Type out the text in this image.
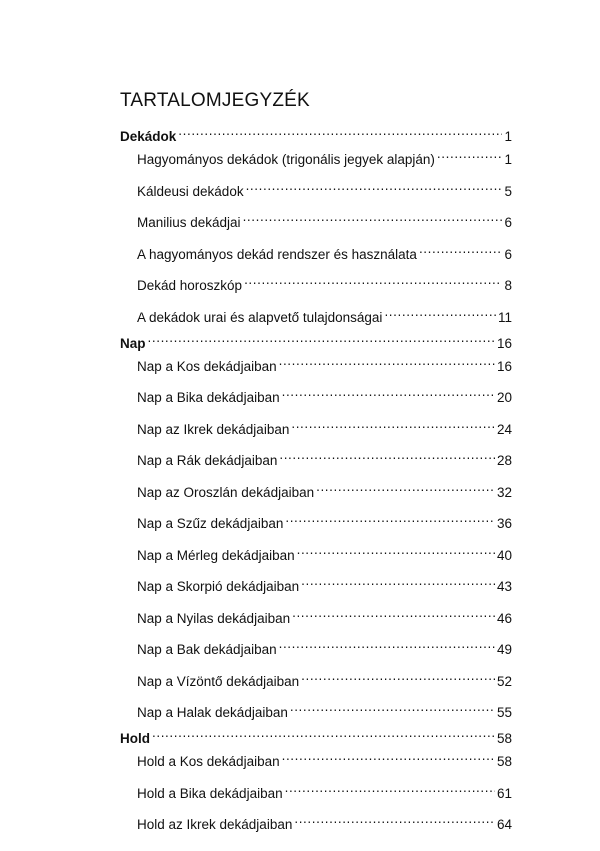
TARTALOMJEGYZÉK
Dekádok .....	1
Hagyományos dekádok (trigonális jegyek alapján) .....	1
Káldeusi dekádok .....	5
Manilius dekádjai .....	6
A hagyományos dekád rendszer és használata .....	6
Dekád horoszkóp .....	8
A dekádok urai és alapvető tulajdonságai .....	11
Nap .....	16
Nap a Kos dekádjaiban .....	16
Nap a Bika dekádjaiban .....	20
Nap az Ikrek dekádjaiban .....	24
Nap a Rák dekádjaiban .....	28
Nap az Oroszlán dekádjaiban .....	32
Nap a Szűz dekádjaiban .....	36
Nap a Mérleg dekádjaiban .....	40
Nap a Skorpió dekádjaiban .....	43
Nap a Nyilas dekádjaiban .....	46
Nap a Bak dekádjaiban .....	49
Nap a Vízöntő dekádjaiban .....	52
Nap a Halak dekádjaiban .....	55
Hold .....	58
Hold a Kos dekádjaiban .....	58
Hold a Bika dekádjaiban .....	61
Hold az Ikrek dekádjaiban .....	64
